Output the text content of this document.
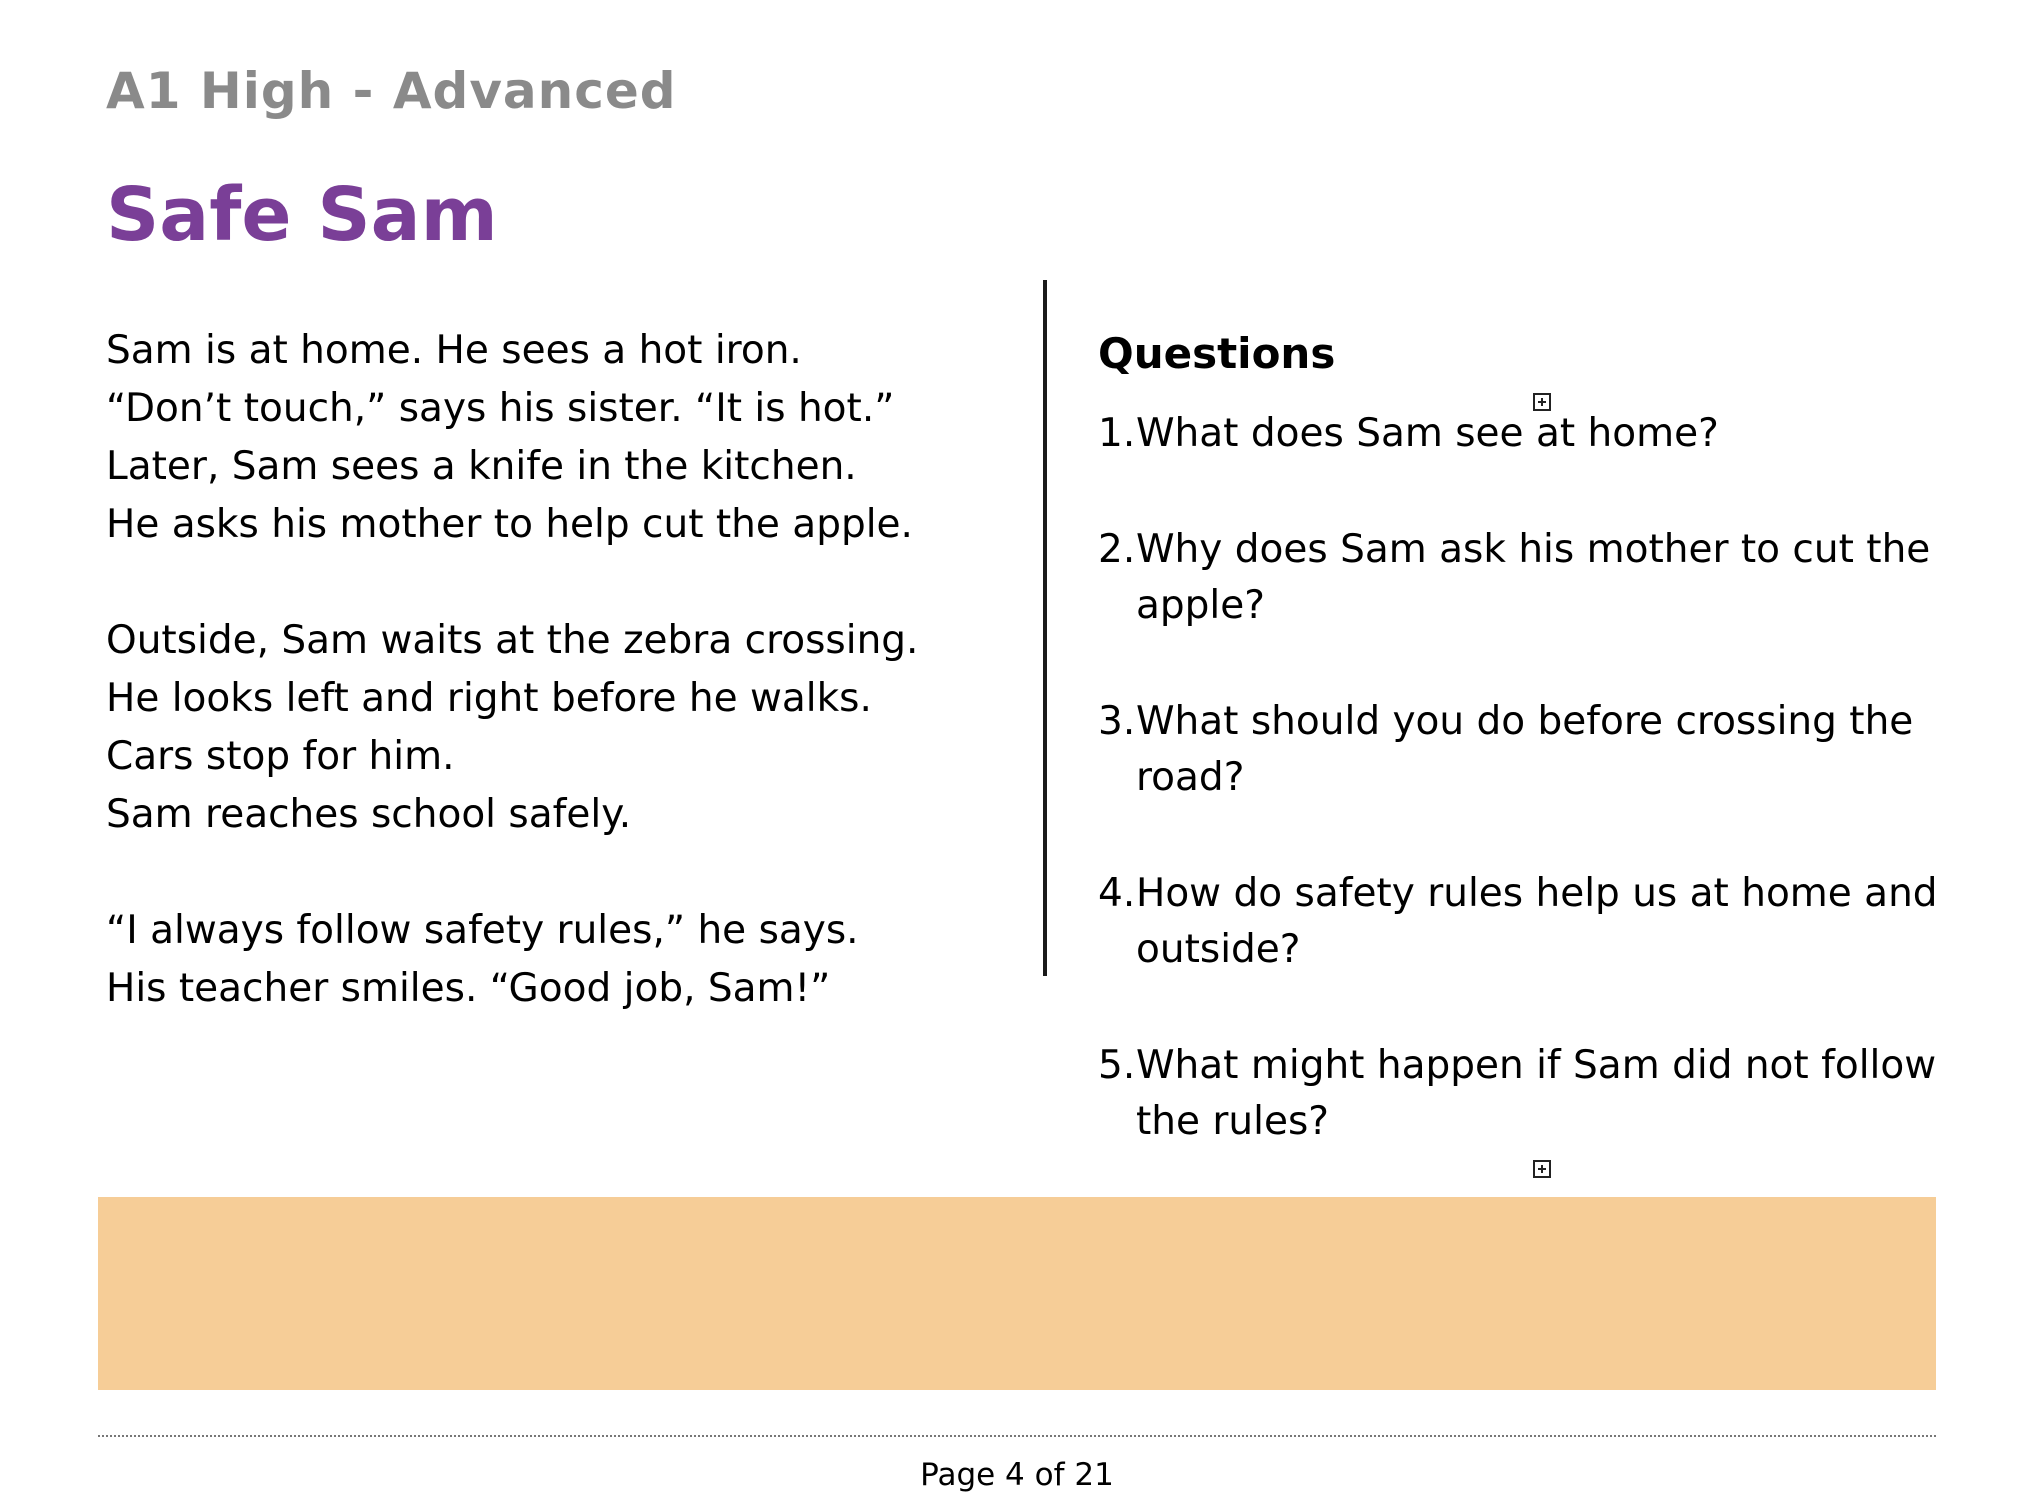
A1 High - Advanced
Safe Sam
Sam is at home. He sees a hot iron.
“Don’t touch,” says his sister. “It is hot.”
Later, Sam sees a knife in the kitchen.
He asks his mother to help cut the apple.
Outside, Sam waits at the zebra crossing.
He looks left and right before he walks.
Cars stop for him.
Sam reaches school safely.
“I always follow safety rules,” he says.
His teacher smiles. “Good job, Sam!”
Questions
1. What does Sam see at home?
2. Why does Sam ask his mother to cut the apple?
3. What should you do before crossing the road?
4. How do safety rules help us at home and outside?
5. What might happen if Sam did not follow the rules?
Page 4 of 21
